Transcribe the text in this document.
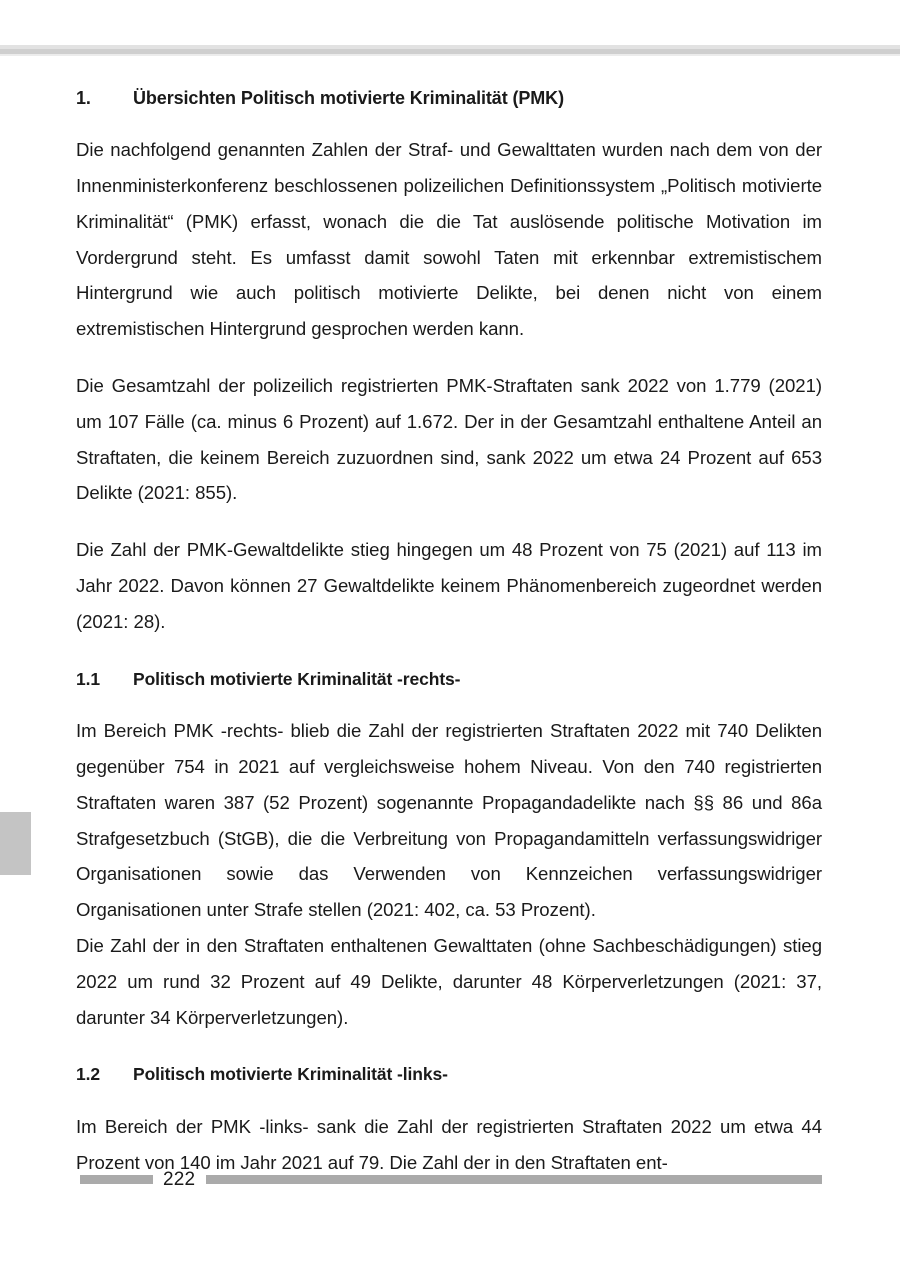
1.	Übersichten Politisch motivierte Kriminalität (PMK)

Die nachfolgend genannten Zahlen der Straf- und Gewalttaten wurden nach dem von der Innenministerkonferenz beschlossenen polizeilichen Definitionssystem „Politisch motivierte Kriminalität“ (PMK) erfasst, wonach die die Tat auslösende politische Motivation im Vordergrund steht. Es umfasst damit sowohl Taten mit erkennbar extremistischem Hintergrund wie auch politisch motivierte Delikte, bei denen nicht von einem extremistischen Hintergrund gesprochen werden kann.

Die Gesamtzahl der polizeilich registrierten PMK-Straftaten sank 2022 von 1.779 (2021) um 107 Fälle (ca. minus 6 Prozent) auf 1.672. Der in der Gesamtzahl enthaltene Anteil an Straftaten, die keinem Bereich zuzuordnen sind, sank 2022 um etwa 24 Prozent auf 653 Delikte (2021: 855).

Die Zahl der PMK-Gewaltdelikte stieg hingegen um 48 Prozent von 75 (2021) auf 113 im Jahr 2022. Davon können 27 Gewaltdelikte keinem Phänomenbereich zugeordnet werden (2021: 28).

1.1	Politisch motivierte Kriminalität -rechts-

Im Bereich PMK -rechts- blieb die Zahl der registrierten Straftaten 2022 mit 740 Delikten gegenüber 754 in 2021 auf vergleichsweise hohem Niveau. Von den 740 registrierten Straftaten waren 387 (52 Prozent) sogenannte Propagandadelikte nach §§ 86 und 86a Strafgesetzbuch (StGB), die die Verbreitung von Propagandamitteln verfassungswidriger Organisationen sowie das Verwenden von Kennzeichen verfassungswidriger Organisationen unter Strafe stellen (2021: 402, ca. 53 Prozent).

Die Zahl der in den Straftaten enthaltenen Gewalttaten (ohne Sachbeschädigungen) stieg 2022 um rund 32 Prozent auf 49 Delikte, darunter 48 Körperverletzungen (2021: 37, darunter 34 Körperverletzungen).

1.2	Politisch motivierte Kriminalität -links-

Im Bereich der PMK -links- sank die Zahl der registrierten Straftaten 2022 um etwa 44 Prozent von 140 im Jahr 2021 auf 79. Die Zahl der in den Straftaten ent-

222
